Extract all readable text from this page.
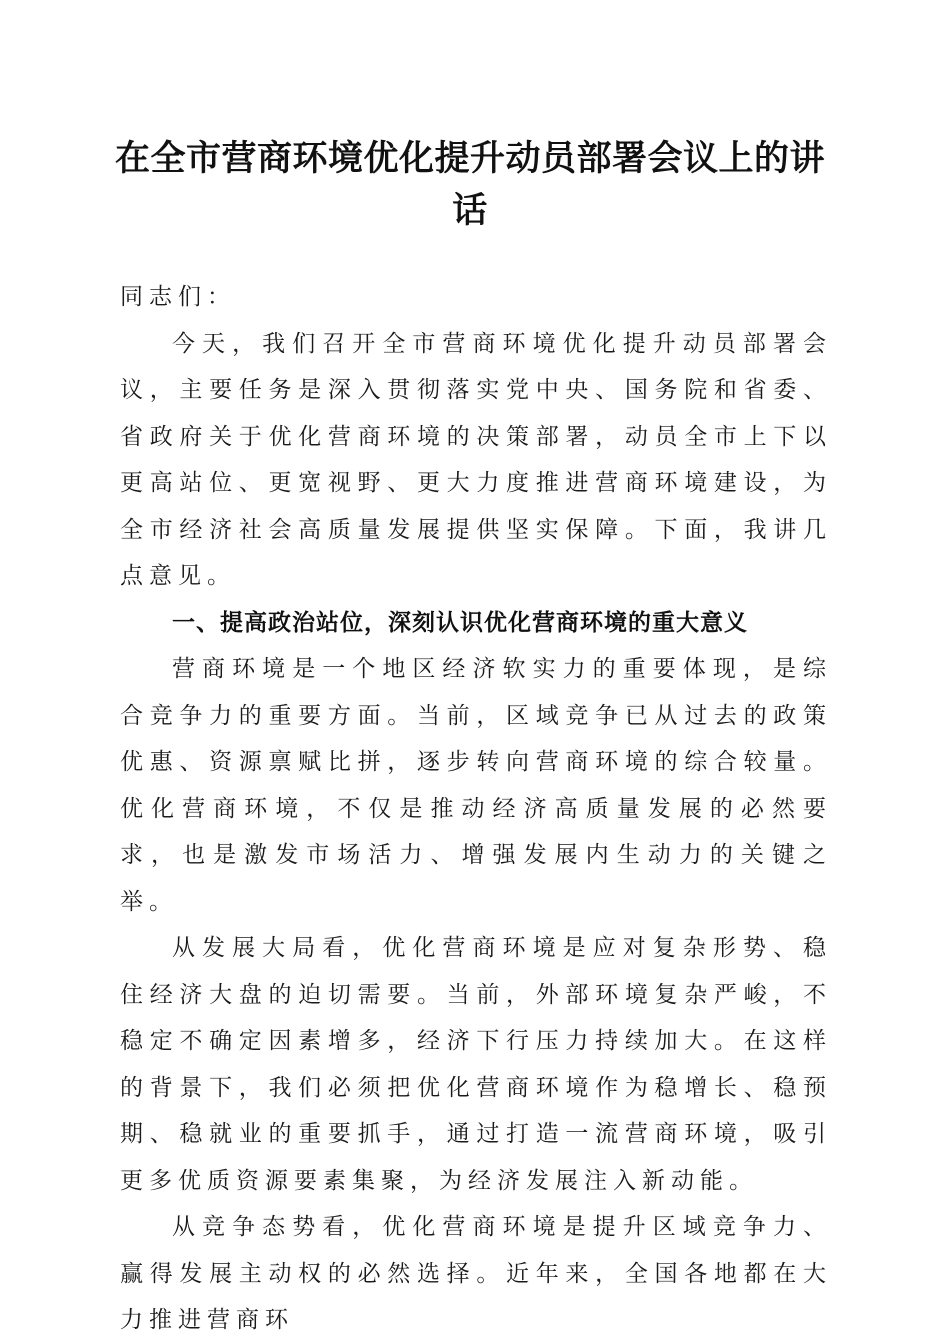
在全市营商环境优化提升动员部署会议上的讲话

同志们：

今天，我们召开全市营商环境优化提升动员部署会议，主要任务是深入贯彻落实党中央、国务院和省委、省政府关于优化营商环境的决策部署，动员全市上下以更高站位、更宽视野、更大力度推进营商环境建设，为全市经济社会高质量发展提供坚实保障。下面，我讲几点意见。

一、提高政治站位，深刻认识优化营商环境的重大意义

营商环境是一个地区经济软实力的重要体现，是综合竞争力的重要方面。当前，区域竞争已从过去的政策优惠、资源禀赋比拼，逐步转向营商环境的综合较量。优化营商环境，不仅是推动经济高质量发展的必然要求，也是激发市场活力、增强发展内生动力的关键之举。

从发展大局看，优化营商环境是应对复杂形势、稳住经济大盘的迫切需要。当前，外部环境复杂严峻，不稳定不确定因素增多，经济下行压力持续加大。在这样的背景下，我们必须把优化营商环境作为稳增长、稳预期、稳就业的重要抓手，通过打造一流营商环境，吸引更多优质资源要素集聚，为经济发展注入新动能。

从竞争态势看，优化营商环境是提升区域竞争力、赢得发展主动权的必然选择。近年来，全国各地都在大力推进营商环
